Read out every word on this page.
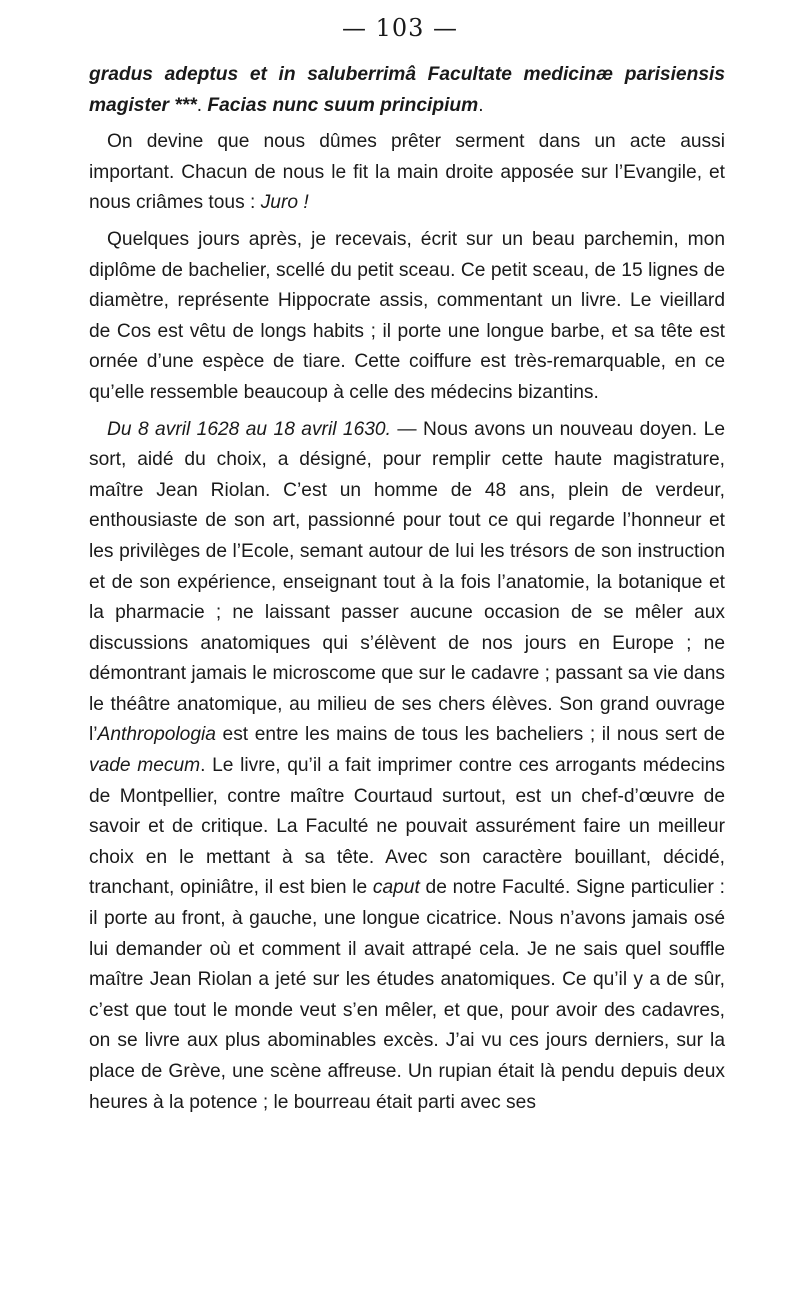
— 103 —

gradus adeptus et in saluberrimâ Facultate medicinæ parisiensis magister ***. Facias nunc suum principium.

On devine que nous dûmes prêter serment dans un acte aussi important. Chacun de nous le fit la main droite apposée sur l’Evangile, et nous criâmes tous : Juro !

Quelques jours après, je recevais, écrit sur un beau parchemin, mon diplôme de bachelier, scellé du petit sceau. Ce petit sceau, de 15 lignes de diamètre, représente Hippocrate assis, commentant un livre. Le vieillard de Cos est vêtu de longs habits ; il porte une longue barbe, et sa tête est ornée d’une espèce de tiare. Cette coiffure est très-remarquable, en ce qu’elle ressemble beaucoup à celle des médecins bizantins.

Du 8 avril 1628 au 18 avril 1630. — Nous avons un nouveau doyen. Le sort, aidé du choix, a désigné, pour remplir cette haute magistrature, maître Jean Riolan. C’est un homme de 48 ans, plein de verdeur, enthousiaste de son art, passionné pour tout ce qui regarde l’honneur et les privilèges de l’Ecole, semant autour de lui les trésors de son instruction et de son expérience, enseignant tout à la fois l’anatomie, la botanique et la pharmacie ; ne laissant passer aucune occasion de se mêler aux discussions anatomiques qui s’élèvent de nos jours en Europe ; ne démontrant jamais le microscome que sur le cadavre ; passant sa vie dans le théâtre anatomique, au milieu de ses chers élèves. Son grand ouvrage l’Anthropologia est entre les mains de tous les bacheliers ; il nous sert de vade mecum. Le livre, qu’il a fait imprimer contre ces arrogants médecins de Montpellier, contre maître Courtaud surtout, est un chef-d’œuvre de savoir et de critique. La Faculté ne pouvait assurément faire un meilleur choix en le mettant à sa tête. Avec son caractère bouillant, décidé, tranchant, opiniâtre, il est bien le caput de notre Faculté. Signe particulier : il porte au front, à gauche, une longue cicatrice. Nous n’avons jamais osé lui demander où et comment il avait attrapé cela. Je ne sais quel souffle maître Jean Riolan a jeté sur les études anatomiques. Ce qu’il y a de sûr, c’est que tout le monde veut s’en mêler, et que, pour avoir des cadavres, on se livre aux plus abominables excès. J’ai vu ces jours derniers, sur la place de Grève, une scène affreuse. Un rupian était là pendu depuis deux heures à la potence ; le bourreau était parti avec ses
